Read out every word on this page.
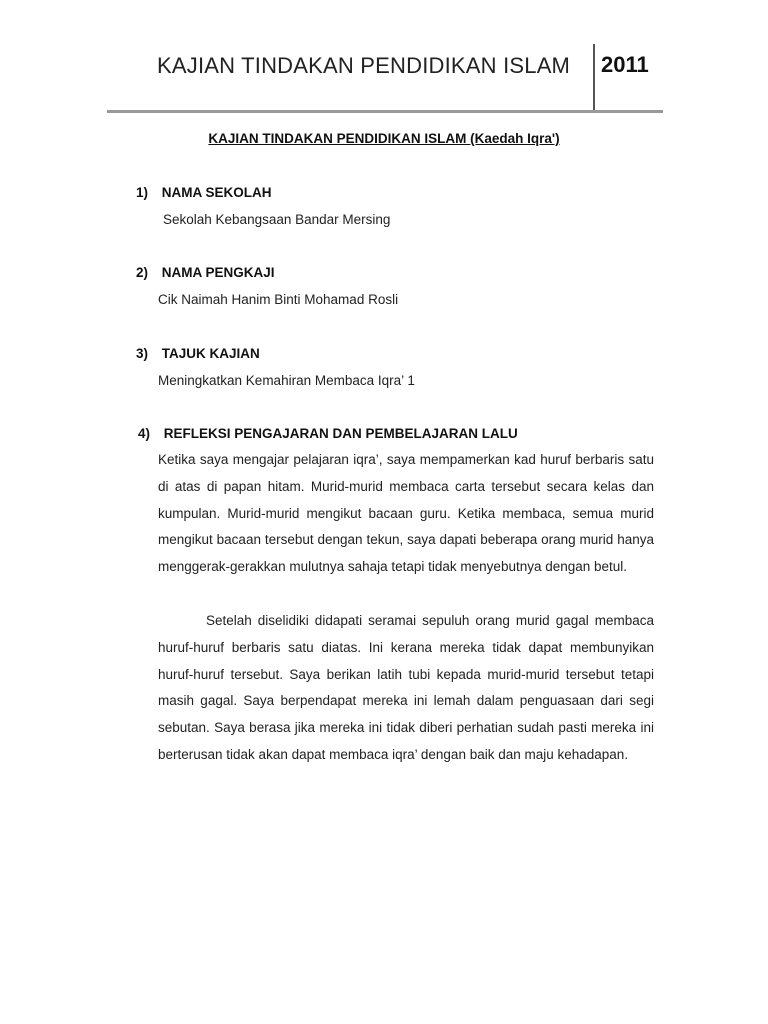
KAJIAN TINDAKAN PENDIDIKAN ISLAM 2011
KAJIAN TINDAKAN PENDIDIKAN ISLAM (Kaedah Iqra')
1) NAMA SEKOLAH
Sekolah Kebangsaan Bandar Mersing
2) NAMA PENGKAJI
Cik Naimah Hanim Binti Mohamad Rosli
3) TAJUK KAJIAN
Meningkatkan Kemahiran Membaca Iqra’ 1
4) REFLEKSI PENGAJARAN DAN PEMBELAJARAN LALU
Ketika saya mengajar pelajaran iqra’, saya mempamerkan kad huruf berbaris satu di atas di papan hitam. Murid-murid membaca carta tersebut secara kelas dan kumpulan. Murid-murid mengikut bacaan guru. Ketika membaca, semua murid mengikut bacaan tersebut dengan tekun, saya dapati beberapa orang murid hanya menggerak-gerakkan mulutnya sahaja tetapi tidak menyebutnya dengan betul.
Setelah diselidiki didapati seramai sepuluh orang murid gagal membaca huruf-huruf berbaris satu diatas. Ini kerana mereka tidak dapat membunyikan huruf-huruf tersebut. Saya berikan latih tubi kepada murid-murid tersebut tetapi masih gagal. Saya berpendapat mereka ini lemah dalam penguasaan dari segi sebutan. Saya berasa jika mereka ini tidak diberi perhatian sudah pasti mereka ini berterusan tidak akan dapat membaca iqra’ dengan baik dan maju kehadapan.
